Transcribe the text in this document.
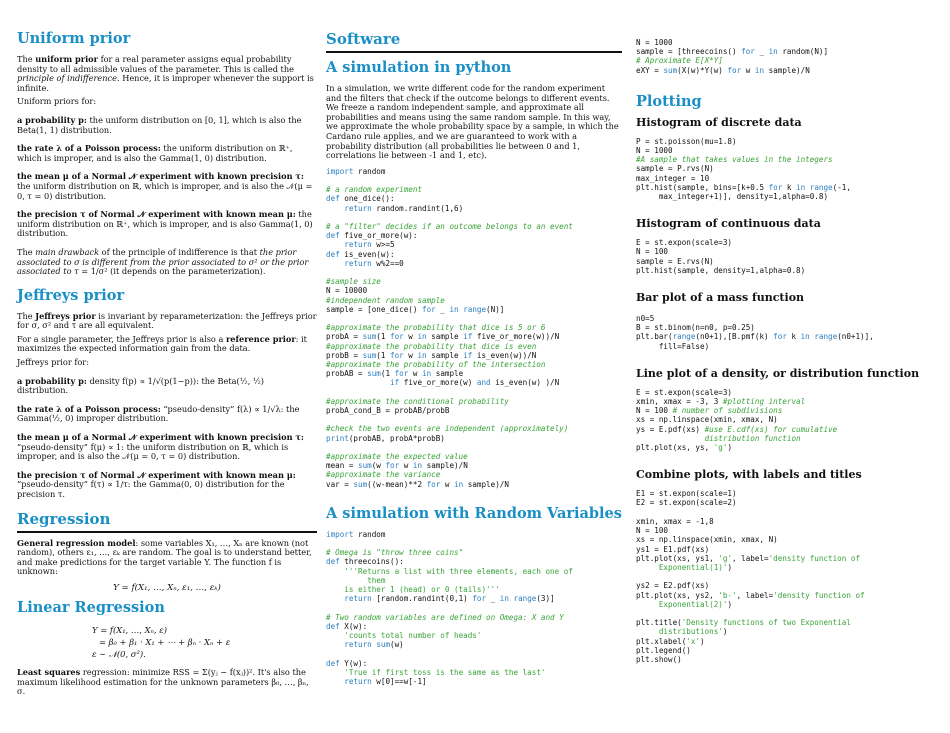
Uniform prior

The uniform prior for a real parameter assigns equal probability density to all admissible values of the parameter. This is called the principle of indifference. Hence, it is improper whenever the support is infinite.

Uniform priors for:

a probability p: the uniform distribution on [0, 1], which is also the Beta(1, 1) distribution.

the rate λ of a Poisson process: the uniform distribution on ℝ⁺, which is improper, and is also the Gamma(1, 0) distribution.

the mean μ of a Normal 𝒩 experiment with known precision τ: the uniform distribution on ℝ, which is improper, and is also the 𝒩(μ = 0, τ = 0) distribution.

the precision τ of Normal 𝒩 experiment with known mean μ: the uniform distribution on ℝ⁺, which is improper, and is also Gamma(1, 0) distribution.

The main drawback of the principle of indifference is that the prior associated to σ is different from the prior associated to σ² or the prior associated to τ = 1/σ² (it depends on the parameterization).

Jeffreys prior

The Jeffreys prior is invariant by reparameterization: the Jeffreys prior for σ, σ² and τ are all equivalent.

For a single parameter, the Jeffreys prior is also a reference prior: it maximizes the expected information gain from the data.

Jeffreys prior for:

a probability p: density f(p) ∝ 1/√(p(1−p)): the Beta(½, ½) distribution.

the rate λ of a Poisson process: “pseudo-density” f(λ) ∝ 1/√λ: the Gamma(½, 0) improper distribution.

the mean μ of a Normal 𝒩 experiment with known precision τ: “pseudo-density” f(μ) ∝ 1: the uniform distribution on ℝ, which is improper, and is also the 𝒩(μ = 0, τ = 0) distribution.

the precision τ of Normal 𝒩 experiment with known mean μ: “pseudo-density” f(τ) ∝ 1/τ: the Gamma(0, 0) distribution for the precision τ.

Regression

General regression model: some variables X₁, …, Xₙ are known (not random), others ε₁, …, εₖ are random. The goal is to understand better, and make predictions for the target variable Y. The function f is unknown:

Y = f(X₁, …, Xₙ, ε₁, …, εₖ)
Linear Regression
Y = f(X₁, …, Xₙ, ε)
= β₀ + β₁ · X₁ + ⋯ + βₙ · Xₙ + ε
ε ∼ 𝒩(0, σ²).

Least squares regression: minimize RSS = Σ(yⱼ − f(xⱼ))². It's also the maximum likelihood estimation for the unknown parameters β₀, …, βₙ, σ.

Software
A simulation in python

In a simulation, we write different code for the random experiment and the filters that check if the outcome belongs to different events. We freeze a random independent sample, and approximate all probabilities and means using the same random sample. In this way, we approximate the whole probability space by a sample, in which the Cardano rule applies, and we are guaranteed to work with a probability distribution (all probabilities lie between 0 and 1, correlations lie between -1 and 1, etc).

import random

# a random experiment
def one_dice():
return random.randint(1,6)

# a "filter" decides if an outcome belongs to an event
def five_or_more(w):
return w>=5
def is_even(w):
return w%2==0

#sample size
N = 10000
#independent random sample
sample = [one_dice() for _ in range(N)]

#approximate the probability that dice is 5 or 6
probA = sum(1 for w in sample if five_or_more(w))/N
#approximate the probability that dice is even
probB = sum(1 for w in sample if is_even(w))/N
#approximate the probability of the intersection
probAB = sum(1 for w in sample
if five_or_more(w) and is_even(w) )/N

#approximate the conditional probability
probA_cond_B = probAB/probB

#check the two events are independent (approximately)
print(probAB, probA*probB)

#approximate the expected value
mean = sum(w for w in sample)/N
#approximate the variance
var = sum((w-mean)**2 for w in sample)/N
A simulation with Random Variables
import random

# Omega is "throw three coins"
def threecoins():
'''Returns a list with three elements, each one of
them
is either 1 (head) or 0 (tails)'''
return [random.randint(0,1) for _ in range(3)]

# Two random variables are defined on Omega: X and Y
def X(w):
'counts total number of heads'
return sum(w)

def Y(w):
'True if first toss is the same as the last'
return w[0]==w[-1]
N = 1000
sample = [threecoins() for _ in random(N)]
# Aproximate E[X*Y]
eXY = sum(X(w)*Y(w) for w in sample)/N
Plotting
Histogram of discrete data
P = st.poisson(mu=1.8)
N = 1000
#A sample that takes values in the integers
sample = P.rvs(N)
max_integer = 10
plt.hist(sample, bins=[k+0.5 for k in range(-1,
max_integer+1)], density=1,alpha=0.8)
Histogram of continuous data
E = st.expon(scale=3)
N = 100
sample = E.rvs(N)
plt.hist(sample, density=1,alpha=0.8)
Bar plot of a mass function
n0=5
B = st.binom(n=n0, p=0.25)
plt.bar(range(n0+1),[B.pmf(k) for k in range(n0+1)],
fill=False)
Line plot of a density, or distribution function
E = st.expon(scale=3)
xmin, xmax = -3, 3 #plotting interval
N = 100 # number of subdivisions
xs = np.linspace(xmin, xmax, N)
ys = E.pdf(xs) #use E.cdf(xs) for cumulative
distribution function
plt.plot(xs, ys, 'g')
Combine plots, with labels and titles
E1 = st.expon(scale=1)
E2 = st.expon(scale=2)

xmin, xmax = -1,8
N = 100
xs = np.linspace(xmin, xmax, N)
ys1 = E1.pdf(xs)
plt.plot(xs, ys1, 'g', label='density function of
Exponential(1)')

ys2 = E2.pdf(xs)
plt.plot(xs, ys2, 'b-', label='density function of
Exponential(2)')

plt.title('Density functions of two Exponential
distributions')
plt.xlabel('x')
plt.legend()
plt.show()
